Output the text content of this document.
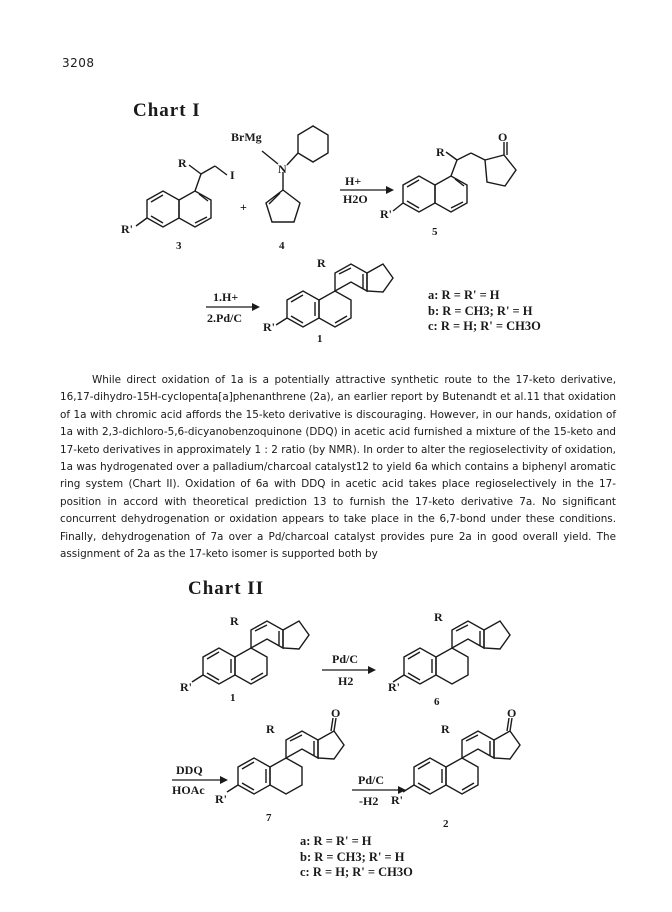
3208
Chart I
BrMg
N
R
I
R'
+
3	4
H+
H2O
R
O
R'
5
1.H+
2.Pd/C
R
R'
1
a: R = R' = H
b: R = CH3; R' = H
c: R = H; R' = CH3O

While direct oxidation of 1a is a potentially attractive synthetic route to the 17-keto derivative, 16,17-dihydro-15H-cyclopenta[a]phenanthrene (2a), an earlier report by Butenandt et al.11 that oxidation of 1a with chromic acid affords the 15-keto derivative is discouraging. However, in our hands, oxidation of 1a with 2,3-dichloro-5,6-dicyanobenzoquinone (DDQ) in acetic acid furnished a mixture of the 15-keto and 17-keto derivatives in approximately 1 : 2 ratio (by NMR). In order to alter the regioselectivity of oxidation, 1a was hydrogenated over a palladium/charcoal catalyst12 to yield 6a which contains a biphenyl aromatic ring system (Chart II). Oxidation of 6a with DDQ in acetic acid takes place regioselectively in the 17-position in accord with theoretical prediction 13 to furnish the 17-keto derivative 7a. No significant concurrent dehydrogenation or oxidation appears to take place in the 6,7-bond under these conditions. Finally, dehydrogenation of 7a over a Pd/charcoal catalyst provides pure 2a in good overall yield. The assignment of 2a as the 17-keto isomer is supported both by

Chart II
R
R'
1
Pd/C
H2
R
R'
6
DDQ
HOAc
R
O
R'
7
Pd/C
-H2
R
O
R'
2
a: R = R' = H
b: R = CH3; R' = H
c: R = H; R' = CH3O
